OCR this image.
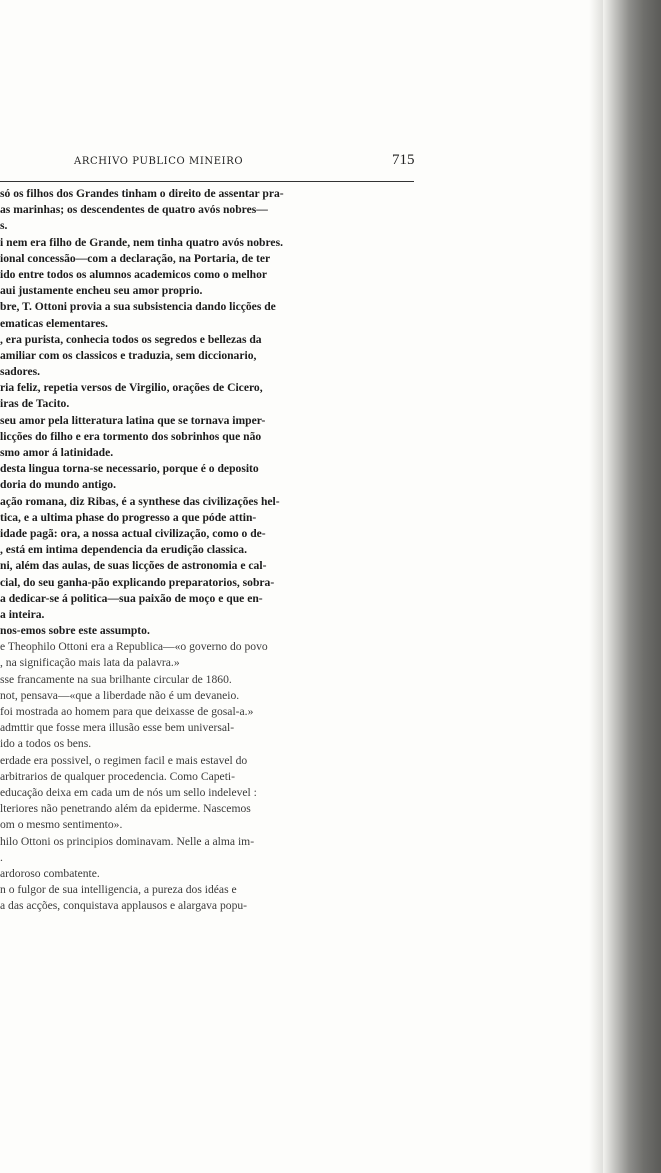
ARCHIVO PUBLICO MINEIRO	715
só os filhos dos Grandes tinham o direito de assentar pra-
as marinhas; os descendentes de quatro avós nobres—
s.
i nem era filho de Grande, nem tinha quatro avós nobres.
ional concessão—com a declaração, na Portaria, de ter
ido entre todos os alumnos academicos como o melhor
aui justamente encheu seu amor proprio.
bre, T. Ottoni provia a sua subsistencia dando licções de
ematicas elementares.
, era purista, conhecia todos os segredos e bellezas da
amiliar com os classicos e traduzia, sem diccionario,
sadores.
ria feliz, repetia versos de Virgilio, orações de Cicero,
iras de Tacito.
seu amor pela litteratura latina que se tornava imper-
licções do filho e era tormento dos sobrinhos que não
smo amor á latinidade.
desta lingua torna-se necessario, porque é o deposito
doria do mundo antigo.
ação romana, diz Ribas, é a synthese das civilizações hel-
tica, e a ultima phase do progresso a que póde attin-
idade pagã: ora, a nossa actual civilização, como o de-
, está em intima dependencia da erudição classica.
ni, além das aulas, de suas licções de astronomia e cal-
cial, do seu ganha-pão explicando preparatorios, sobra-
a dedicar-se á politica—sua paixão de moço e que en-
a inteira.
nos-emos sobre este assumpto.
e Theophilo Ottoni era a Republica—«o governo do povo
, na significação mais lata da palavra.»
sse francamente na sua brilhante circular de 1860.
not, pensava—«que a liberdade não é um devaneio.
foi mostrada ao homem para que deixasse de gosal-a.»
admttir que fosse mera illusão esse bem universal-
ido a todos os bens.
erdade era possivel, o regimen facil e mais estavel do
arbitrarios de qualquer procedencia. Como Capeti-
educação deixa em cada um de nós um sello indelevel :
lteriores não penetrando além da epiderme. Nascemos
om o mesmo sentimento».
hilo Ottoni os principios dominavam. Nelle a alma im-
.
ardoroso combatente.
n o fulgor de sua intelligencia, a pureza dos idéas e
a das acções, conquistava applausos e alargava popu-
